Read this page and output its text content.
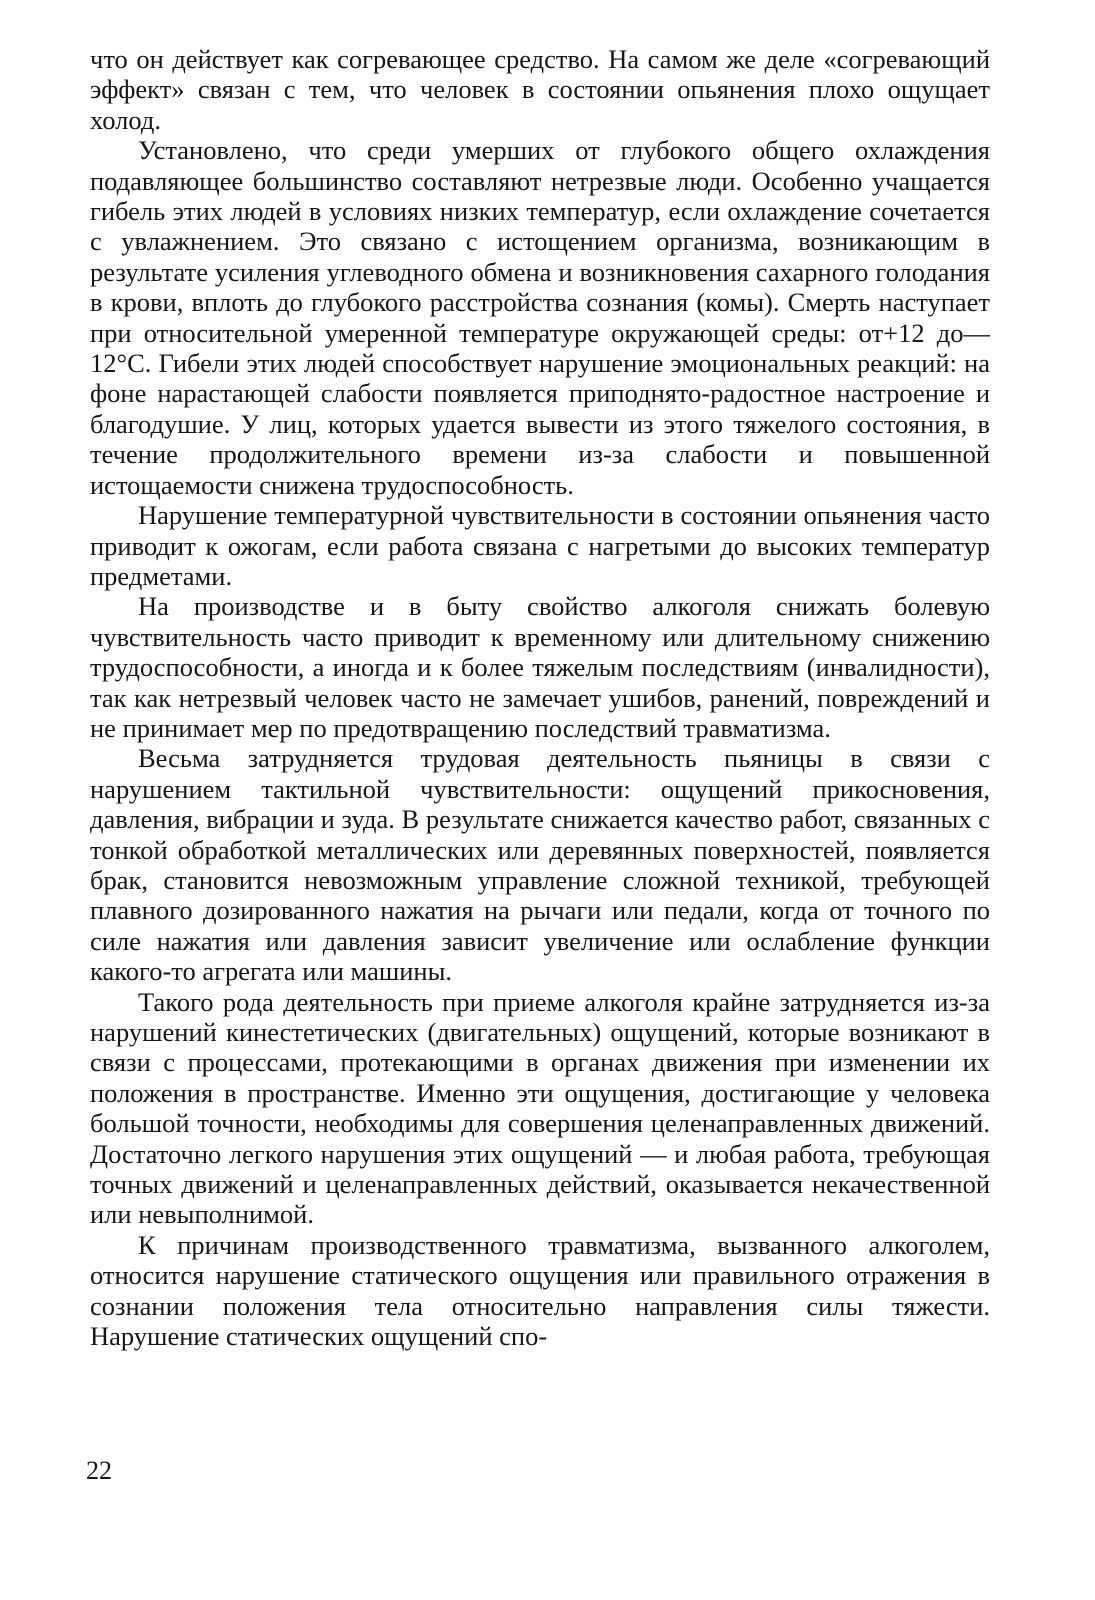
что он действует как согревающее средство. На самом же деле «согревающий эффект» связан с тем, что человек в состоянии опьянения плохо ощущает холод.

Установлено, что среди умерших от глубокого общего охлаждения подавляющее большинство составляют нетрезвые люди. Особенно учащается гибель этих людей в условиях низких температур, если охлаждение сочетается с увлажнением. Это связано с истощением организма, возникающим в результате усиления углеводного обмена и возникновения сахарного голодания в крови, вплоть до глубокого расстройства сознания (комы). Смерть наступает при относительной умеренной температуре окружающей среды: от+12 до—12°С. Гибели этих людей способствует нарушение эмоциональных реакций: на фоне нарастающей слабости появляется приподнято-радостное настроение и благодушие. У лиц, которых удается вывести из этого тяжелого состояния, в течение продолжительного времени из-за слабости и повышенной истощаемости снижена трудоспособность.

Нарушение температурной чувствительности в состоянии опьянения часто приводит к ожогам, если работа связана с нагретыми до высоких температур предметами.

На производстве и в быту свойство алкоголя снижать болевую чувствительность часто приводит к временному или длительному снижению трудоспособности, а иногда и к более тяжелым последствиям (инвалидности), так как нетрезвый человек часто не замечает ушибов, ранений, повреждений и не принимает мер по предотвращению последствий травматизма.

Весьма затрудняется трудовая деятельность пьяницы в связи с нарушением тактильной чувствительности: ощущений прикосновения, давления, вибрации и зуда. В результате снижается качество работ, связанных с тонкой обработкой металлических или деревянных поверхностей, появляется брак, становится невозможным управление сложной техникой, требующей плавного дозированного нажатия на рычаги или педали, когда от точного по силе нажатия или давления зависит увеличение или ослабление функции какого-то агрегата или машины.

Такого рода деятельность при приеме алкоголя крайне затрудняется из-за нарушений кинестетических (двигательных) ощущений, которые возникают в связи с процессами, протекающими в органах движения при изменении их положения в пространстве. Именно эти ощущения, достигающие у человека большой точности, необходимы для совершения целенаправленных движений. Достаточно легкого нарушения этих ощущений — и любая работа, требующая точных движений и целенаправленных действий, оказывается некачественной или невыполнимой.

К причинам производственного травматизма, вызванного алкоголем, относится нарушение статического ощущения или правильного отражения в сознании положения тела относительно направления силы тяжести. Нарушение статических ощущений спо-

22
